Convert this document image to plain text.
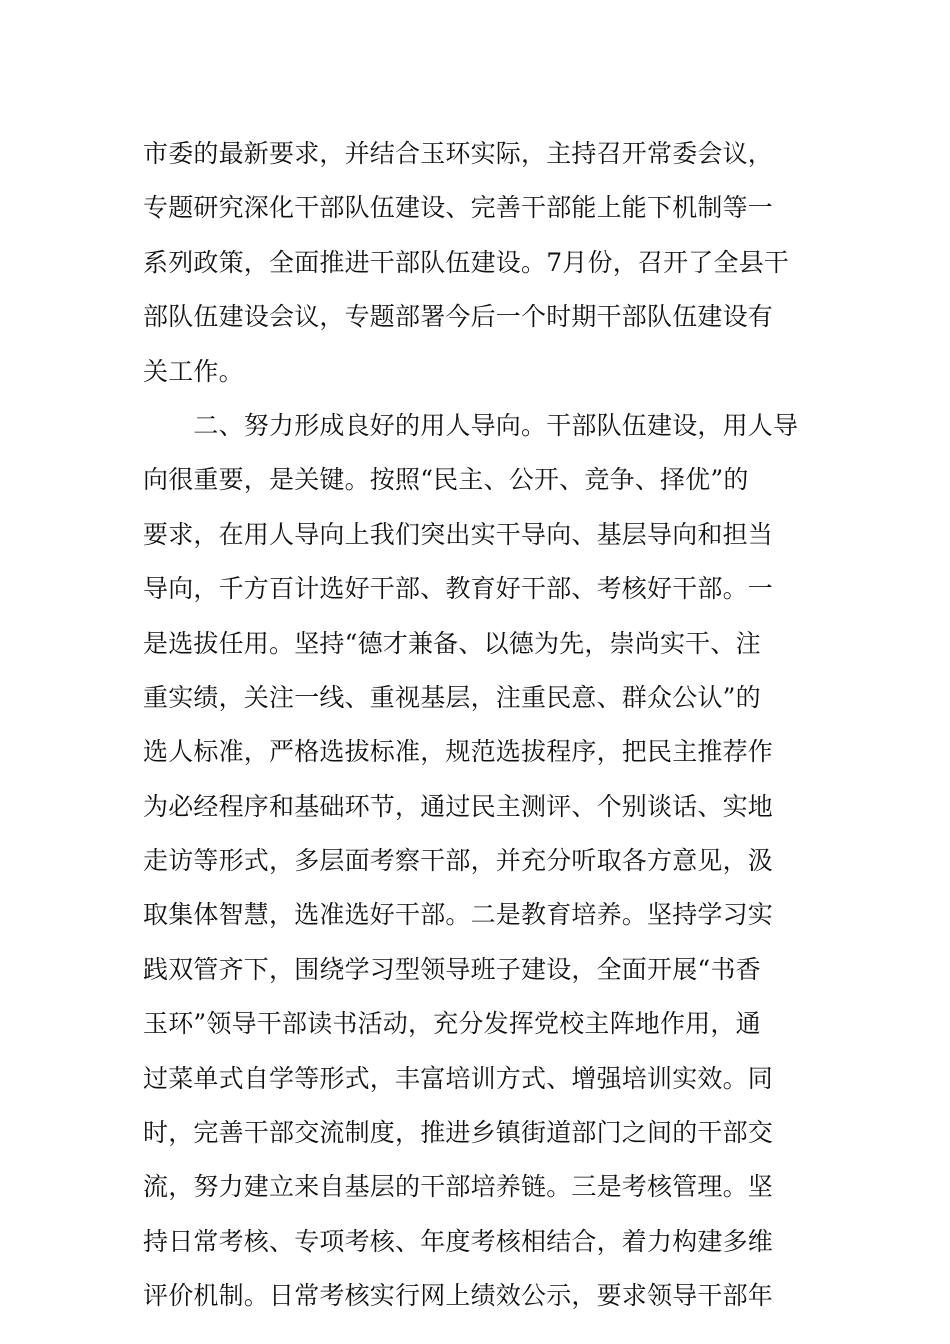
市委的最新要求，并结合玉环实际，主持召开常委会议，
专题研究深化干部队伍建设、完善干部能上能下机制等一
系列政策，全面推进干部队伍建设。7月份，召开了全县干
部队伍建设会议，专题部署今后一个时期干部队伍建设有
关工作。
　　二、努力形成良好的用人导向。干部队伍建设，用人导
向很重要，是关键。按照“民主、公开、竞争、择优”的
要求，在用人导向上我们突出实干导向、基层导向和担当
导向，千方百计选好干部、教育好干部、考核好干部。一
是选拔任用。坚持“德才兼备、以德为先，崇尚实干、注
重实绩，关注一线、重视基层，注重民意、群众公认”的
选人标准，严格选拔标准，规范选拔程序，把民主推荐作
为必经程序和基础环节，通过民主测评、个别谈话、实地
走访等形式，多层面考察干部，并充分听取各方意见，汲
取集体智慧，选准选好干部。二是教育培养。坚持学习实
践双管齐下，围绕学习型领导班子建设，全面开展“书香
玉环”领导干部读书活动，充分发挥党校主阵地作用，通
过菜单式自学等形式，丰富培训方式、增强培训实效。同
时，完善干部交流制度，推进乡镇街道部门之间的干部交
流，努力建立来自基层的干部培养链。三是考核管理。坚
持日常考核、专项考核、年度考核相结合，着力构建多维
评价机制。日常考核实行网上绩效公示，要求领导干部年
